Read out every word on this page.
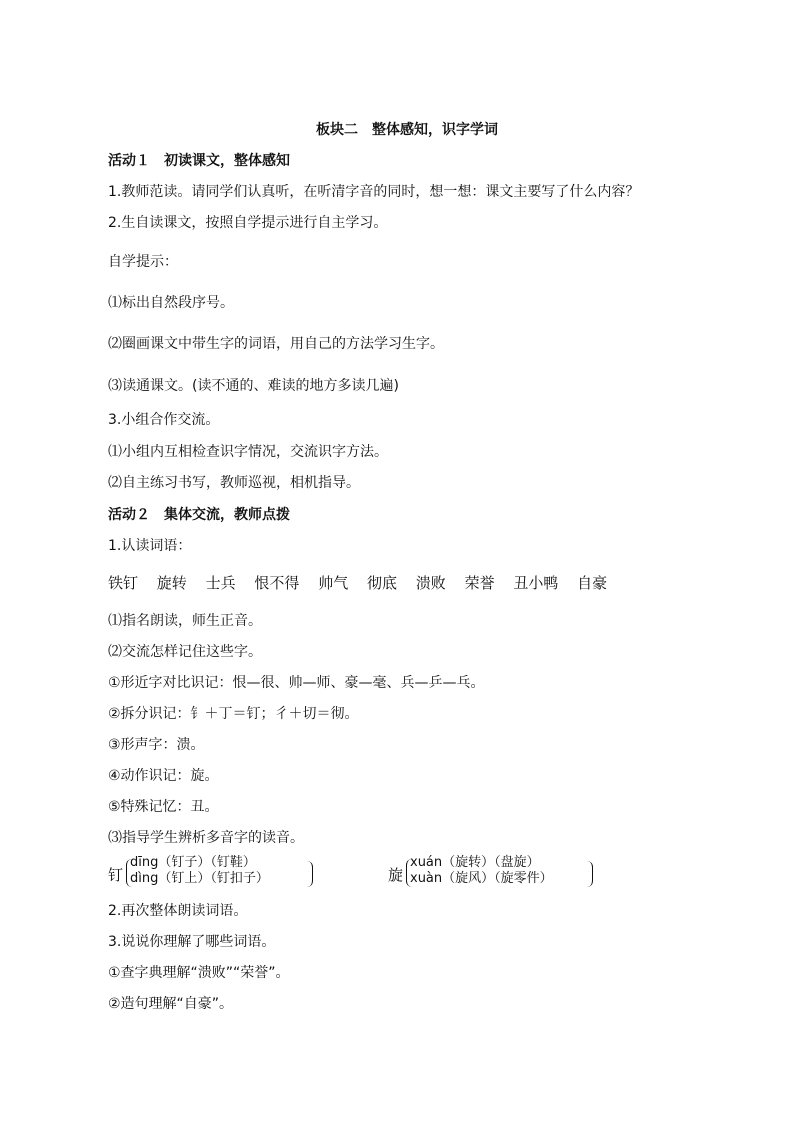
板块二　整体感知，识字学词
活动１　初读课文，整体感知
1.教师范读。请同学们认真听，在听清字音的同时，想一想：课文主要写了什么内容？
2.生自读课文，按照自学提示进行自主学习。
自学提示：
⑴标出自然段序号。
⑵圈画课文中带生字的词语，用自己的方法学习生字。
⑶读通课文。(读不通的、难读的地方多读几遍)
3.小组合作交流。
⑴小组内互相检查识字情况，交流识字方法。
⑵自主练习书写，教师巡视，相机指导。
活动２　集体交流，教师点拨
1.认读词语：
铁钉 旋转 士兵 恨不得 帅气 彻底 溃败 荣誉 丑小鸭 自豪
⑴指名朗读，师生正音。
⑵交流怎样记住这些字。
①形近字对比识记：恨—很、帅—师、豪—毫、兵—乒—乓。
②拆分识记：钅＋丁＝钉；彳＋切＝彻。
③形声字：溃。
④动作识记：旋。
⑤特殊记忆：丑。
⑶指导学生辨析多音字的读音。
钉
dīng（钉子）（钉鞋）
dìng（钉上）（钉扣子）	旋
xuán（旋转）（盘旋）
xuàn（旋风）（旋零件）
2.再次整体朗读词语。
3.说说你理解了哪些词语。
①查字典理解“溃败”“荣誉”。
②造句理解“自豪”。
